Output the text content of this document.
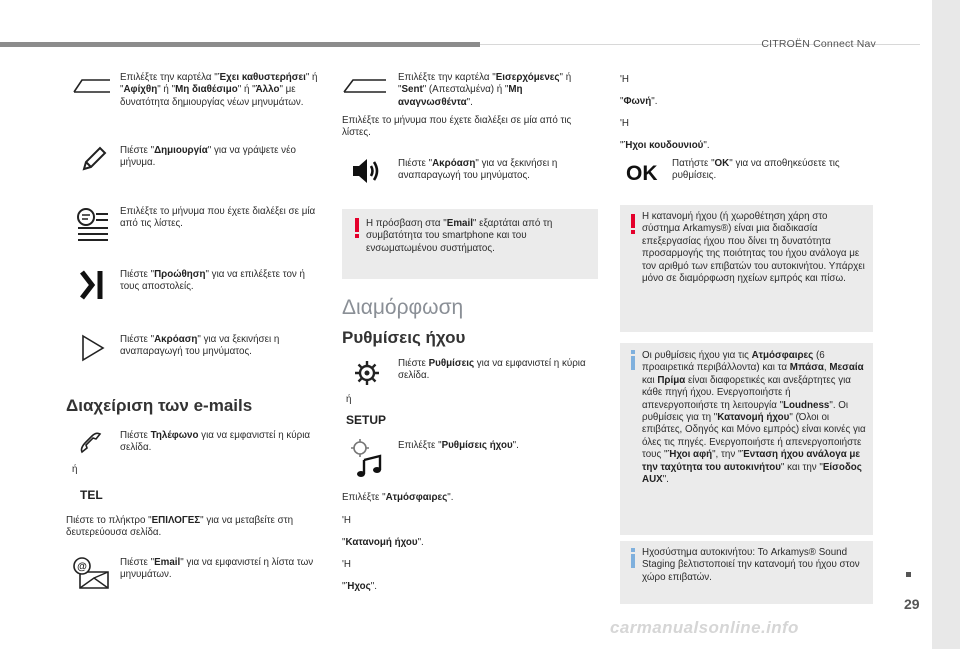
CITROËN Connect Nav
29
Επιλέξτε την καρτέλα "Έχει καθυστερήσει" ή "Αφίχθη" ή "Μη διαθέσιμο" ή "Άλλο" με δυνατότητα δημιουργίας νέων μηνυμάτων.
Πιέστε "Δημιουργία" για να γράψετε νέο μήνυμα.
Επιλέξτε το μήνυμα που έχετε διαλέξει σε μία από τις λίστες.
Πιέστε "Προώθηση" για να επιλέξετε τον ή τους αποστολείς.
Πιέστε "Ακρόαση" για να ξεκινήσει η αναπαραγωγή του μηνύματος.
Διαχείριση των e-mails
Πιέστε Τηλέφωνο για να εμφανιστεί η κύρια σελίδα.
ή
TEL
Πιέστε το πλήκτρο "ΕΠΙΛΟΓΕΣ" για να μεταβείτε στη δευτερεύουσα σελίδα.
@	Πιέστε "Email" για να εμφανιστεί η λίστα των μηνυμάτων.
Επιλέξτε την καρτέλα "Εισερχόμενες" ή "Sent" (Απεσταλμένα) ή "Μη αναγνωσθέντα".
Επιλέξτε το μήνυμα που έχετε διαλέξει σε μία από τις λίστες.
Πιέστε "Ακρόαση" για να ξεκινήσει η αναπαραγωγή του μηνύματος.
Η πρόσβαση στα "Email" εξαρτάται από τη συμβατότητα του smartphone και του ενσωματωμένου συστήματος.
Διαμόρφωση
Ρυθμίσεις ήχου
Πιέστε Ρυθμίσεις για να εμφανιστεί η κύρια σελίδα.
ή
SETUP
Επιλέξτε "Ρυθμίσεις ήχου".
Επιλέξτε "Ατμόσφαιρες".
'Η
"Κατανομή ήχου".
'Η
"Ήχος".
'Η
"Φωνή".
'Η
"Ήχοι κουδουνιού".
OK Πατήστε "OK" για να αποθηκεύσετε τις ρυθμίσεις.
Η κατανομή ήχου (ή χωροθέτηση χάρη στο σύστημα Arkamys®) είναι μια διαδικασία επεξεργασίας ήχου που δίνει τη δυνατότητα προσαρμογής της ποιότητας του ήχου ανάλογα με τον αριθμό των επιβατών του αυτοκινήτου. Υπάρχει μόνο σε διαμόρφωση ηχείων εμπρός και πίσω.
Οι ρυθμίσεις ήχου για τις Ατμόσφαιρες (6 προαιρετικά περιβάλλοντα) και τα Μπάσα, Μεσαία και Πρίμα είναι διαφορετικές και ανεξάρτητες για κάθε πηγή ήχου. Ενεργοποιήστε ή απενεργοποιήστε τη λειτουργία "Loudness". Οι ρυθμίσεις για τη "Κατανομή ήχου" (Όλοι οι επιβάτες, Οδηγός και Μόνο εμπρός) είναι κοινές για όλες τις πηγές. Ενεργοποιήστε ή απενεργοποιήστε τους "Ήχοι αφή", την "Ένταση ήχου ανάλογα με την ταχύτητα του αυτοκινήτου" και την "Είσοδος AUX".
Ηχοσύστημα αυτοκινήτου: Το Arkamys® Sound Staging βελτιστοποιεί την κατανομή του ήχου στον χώρο επιβατών.
carmanualsonline.info
